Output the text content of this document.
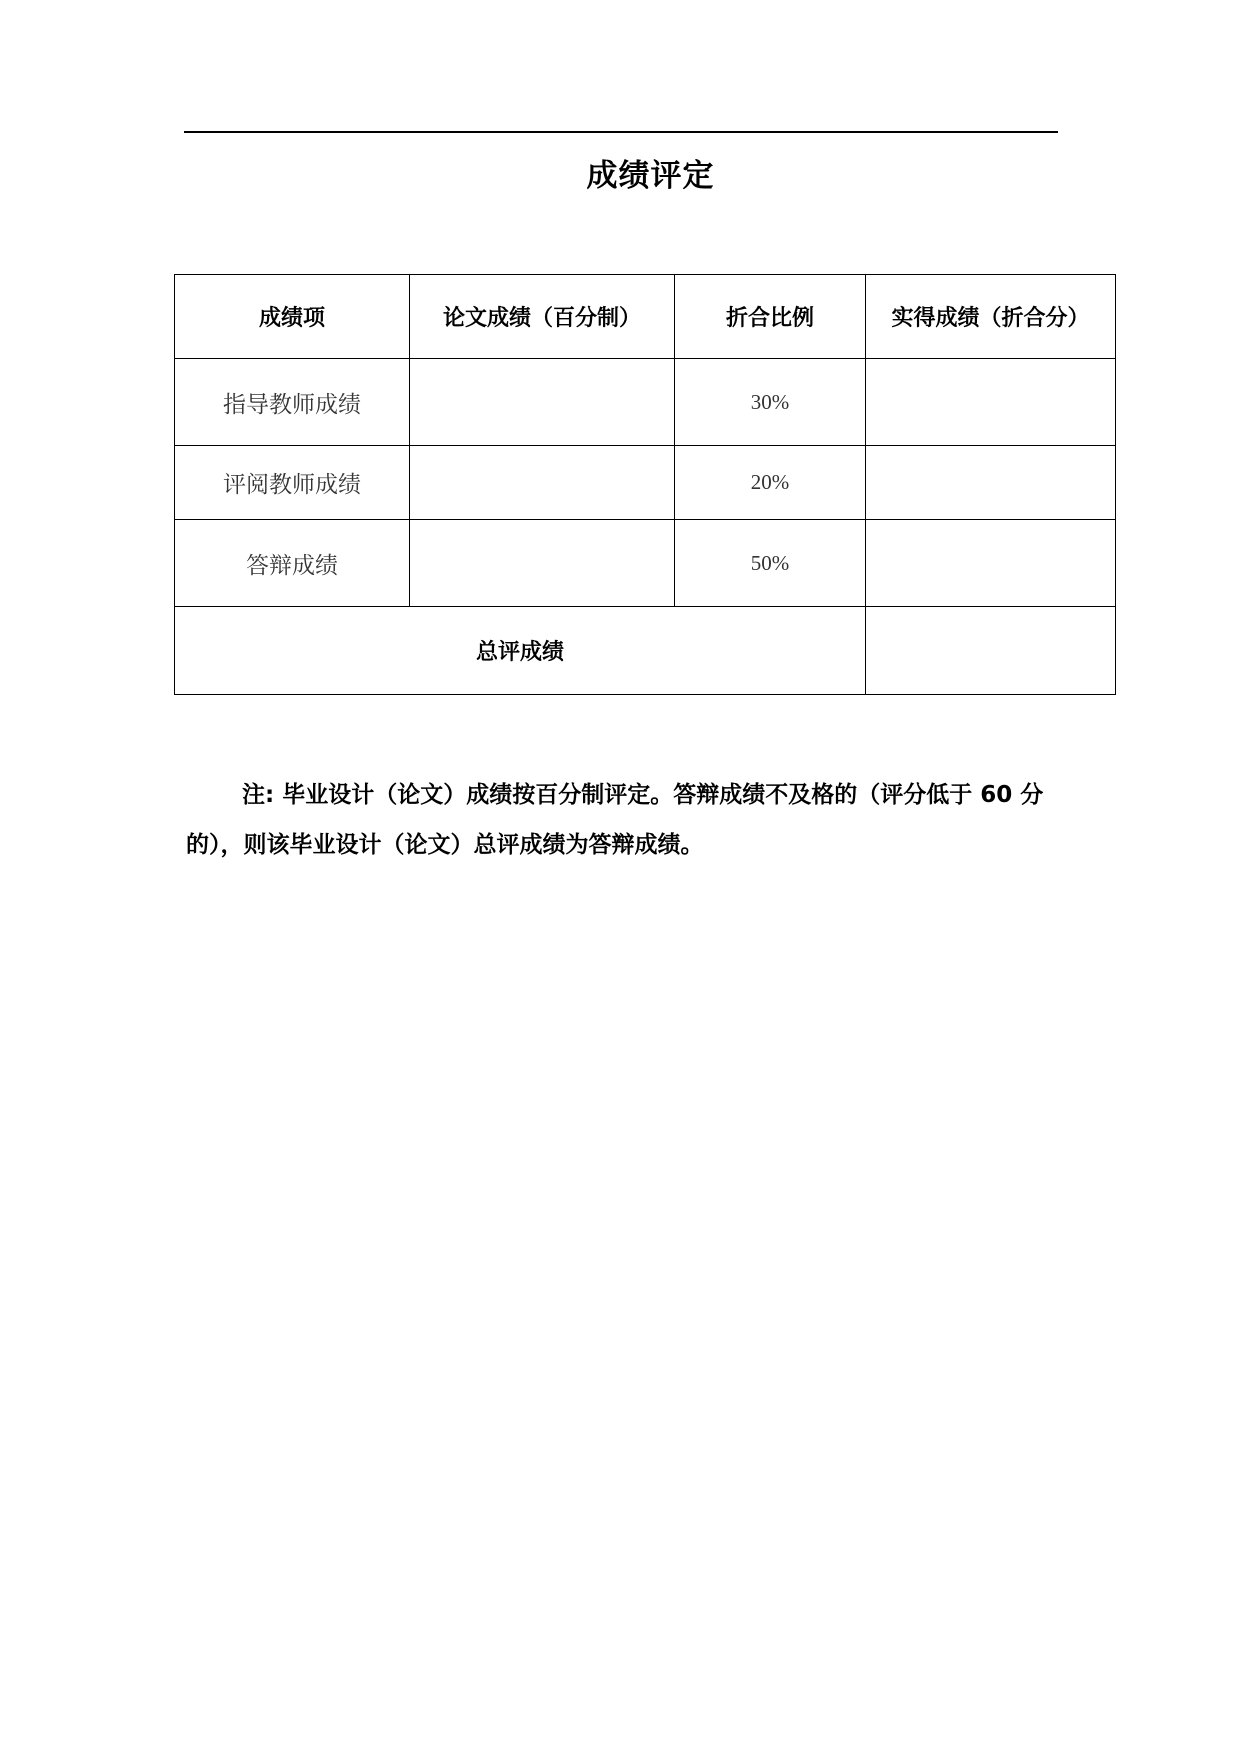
成绩评定
成绩项	论文成绩（百分制）	折合比例	实得成绩（折合分）
指导教师成绩		30%	
评阅教师成绩		20%	
答辩成绩		50%	
总评成绩			
注: 毕业设计（论文）成绩按百分制评定。答辩成绩不及格的（评分低于 60 分的），则该毕业设计（论文）总评成绩为答辩成绩。
